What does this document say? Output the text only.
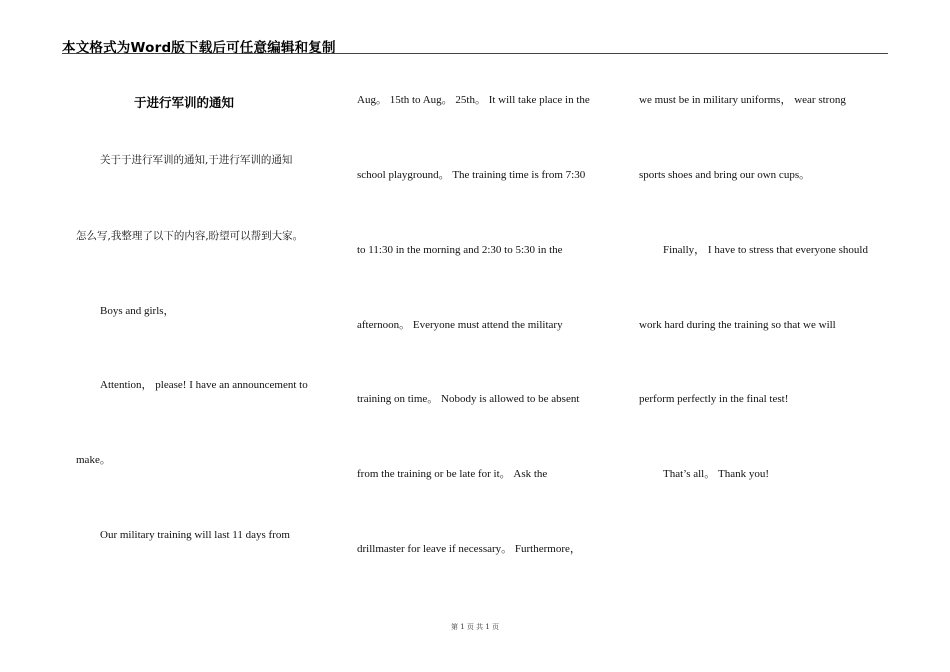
本文格式为Word版下载后可任意编辑和复制
于进行军训的通知
关于于进行军训的通知,于进行军训的通知
怎么写,我整理了以下的内容,盼望可以帮到大家。
Boys and girls，
Attention， please! I have an announcement to
make。
Our military training will last 11 days from
Aug。 15th to Aug。 25th。 It will take place in the
school playground。 The training time is from 7:30
to 11:30 in the morning and 2:30 to 5:30 in the
afternoon。 Everyone must attend the military
training on time。 Nobody is allowed to be absent
from the training or be late for it。 Ask the
drillmaster for leave if necessary。 Furthermore，
we must be in military uniforms， wear strong
sports shoes and bring our own cups。
Finally， I have to stress that everyone should
work hard during the training so that we will
perform perfectly in the final test!
That’s all。 Thank you!
第 1 页 共 1 页
